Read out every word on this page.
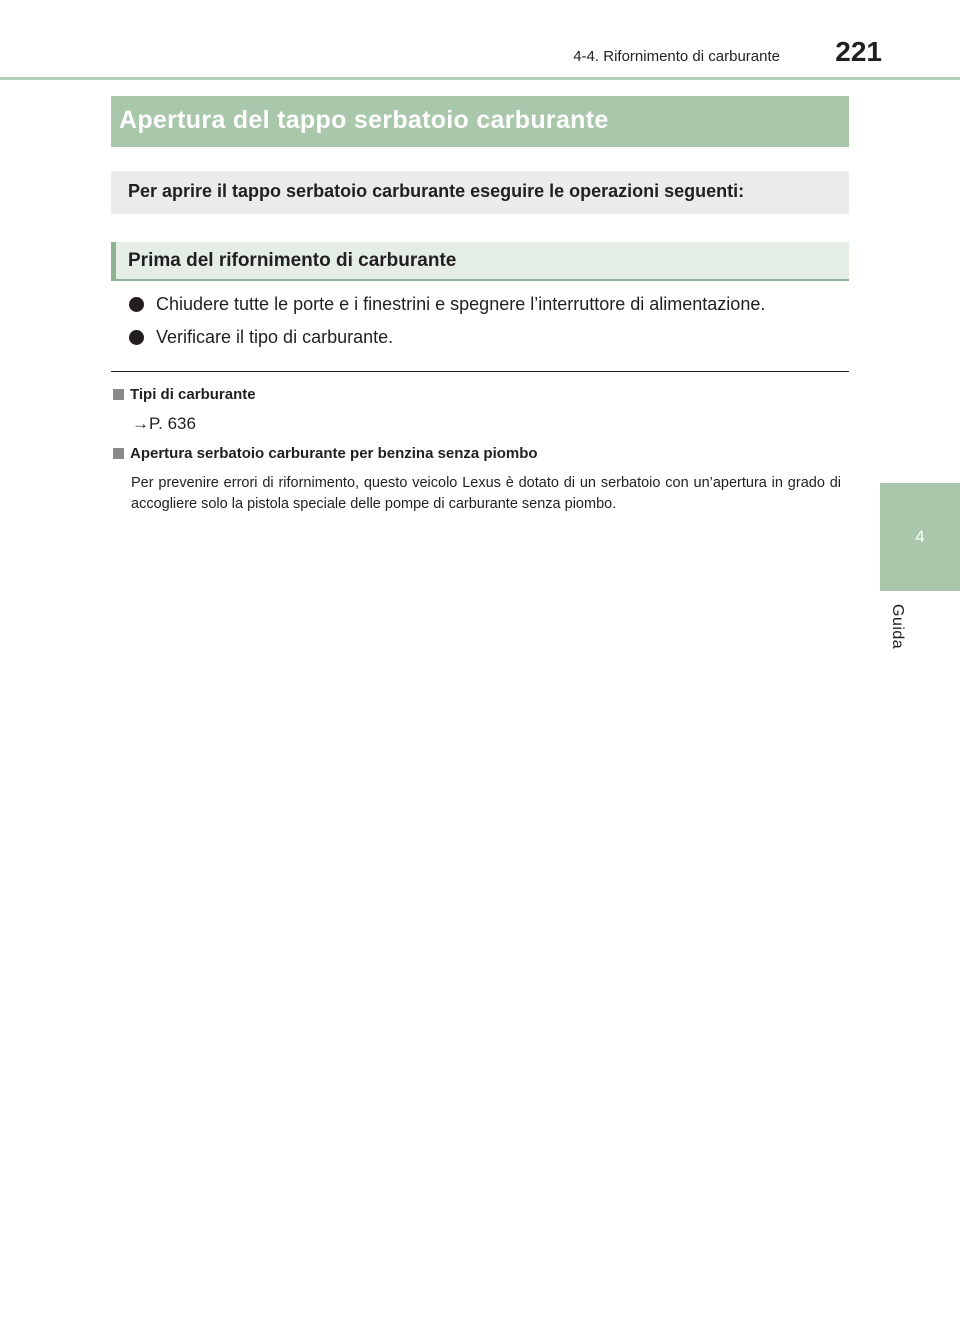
4-4. Rifornimento di carburante	221
4
Guida
Apertura del tappo serbatoio carburante
Per aprire il tappo serbatoio carburante eseguire le operazioni seguenti:
Prima del rifornimento di carburante
Chiudere tutte le porte e i finestrini e spegnere l’interruttore di alimentazione.
Verificare il tipo di carburante.
Tipi di carburante
→P. 636
Apertura serbatoio carburante per benzina senza piombo
Per prevenire errori di rifornimento, questo veicolo Lexus è dotato di un serbatoio con un’apertura in grado di accogliere solo la pistola speciale delle pompe di carburante senza piombo.
